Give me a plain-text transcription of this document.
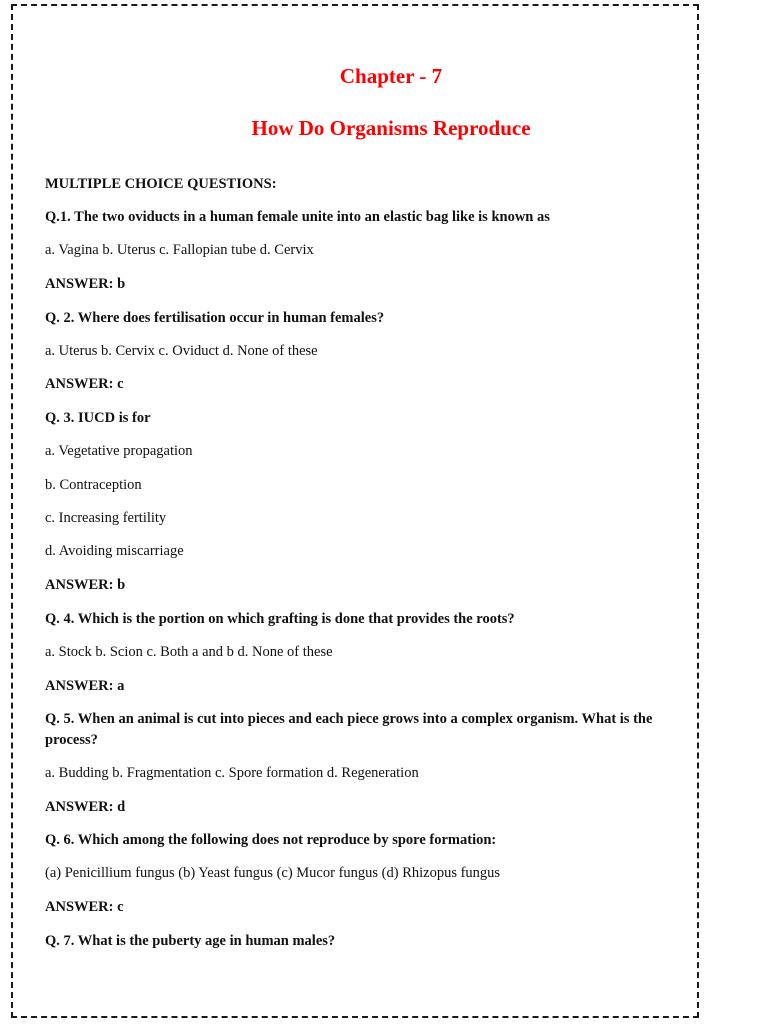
Chapter - 7
How Do Organisms Reproduce

MULTIPLE CHOICE QUESTIONS:

Q.1. The two oviducts in a human female unite into an elastic bag like is known as

a. Vagina b. Uterus c. Fallopian tube d. Cervix

ANSWER: b

Q. 2. Where does fertilisation occur in human females?

a. Uterus b. Cervix c. Oviduct d. None of these

ANSWER: c

Q. 3. IUCD is for

a. Vegetative propagation

b. Contraception

c. Increasing fertility

d. Avoiding miscarriage

ANSWER: b

Q. 4. Which is the portion on which grafting is done that provides the roots?

a. Stock b. Scion c. Both a and b d. None of these

ANSWER: a

Q. 5. When an animal is cut into pieces and each piece grows into a complex organism. What is the process?

a. Budding b. Fragmentation c. Spore formation d. Regeneration

ANSWER: d

Q. 6. Which among the following does not reproduce by spore formation:

(a) Penicillium fungus (b) Yeast fungus (c) Mucor fungus (d) Rhizopus fungus

ANSWER: c

Q. 7. What is the puberty age in human males?
